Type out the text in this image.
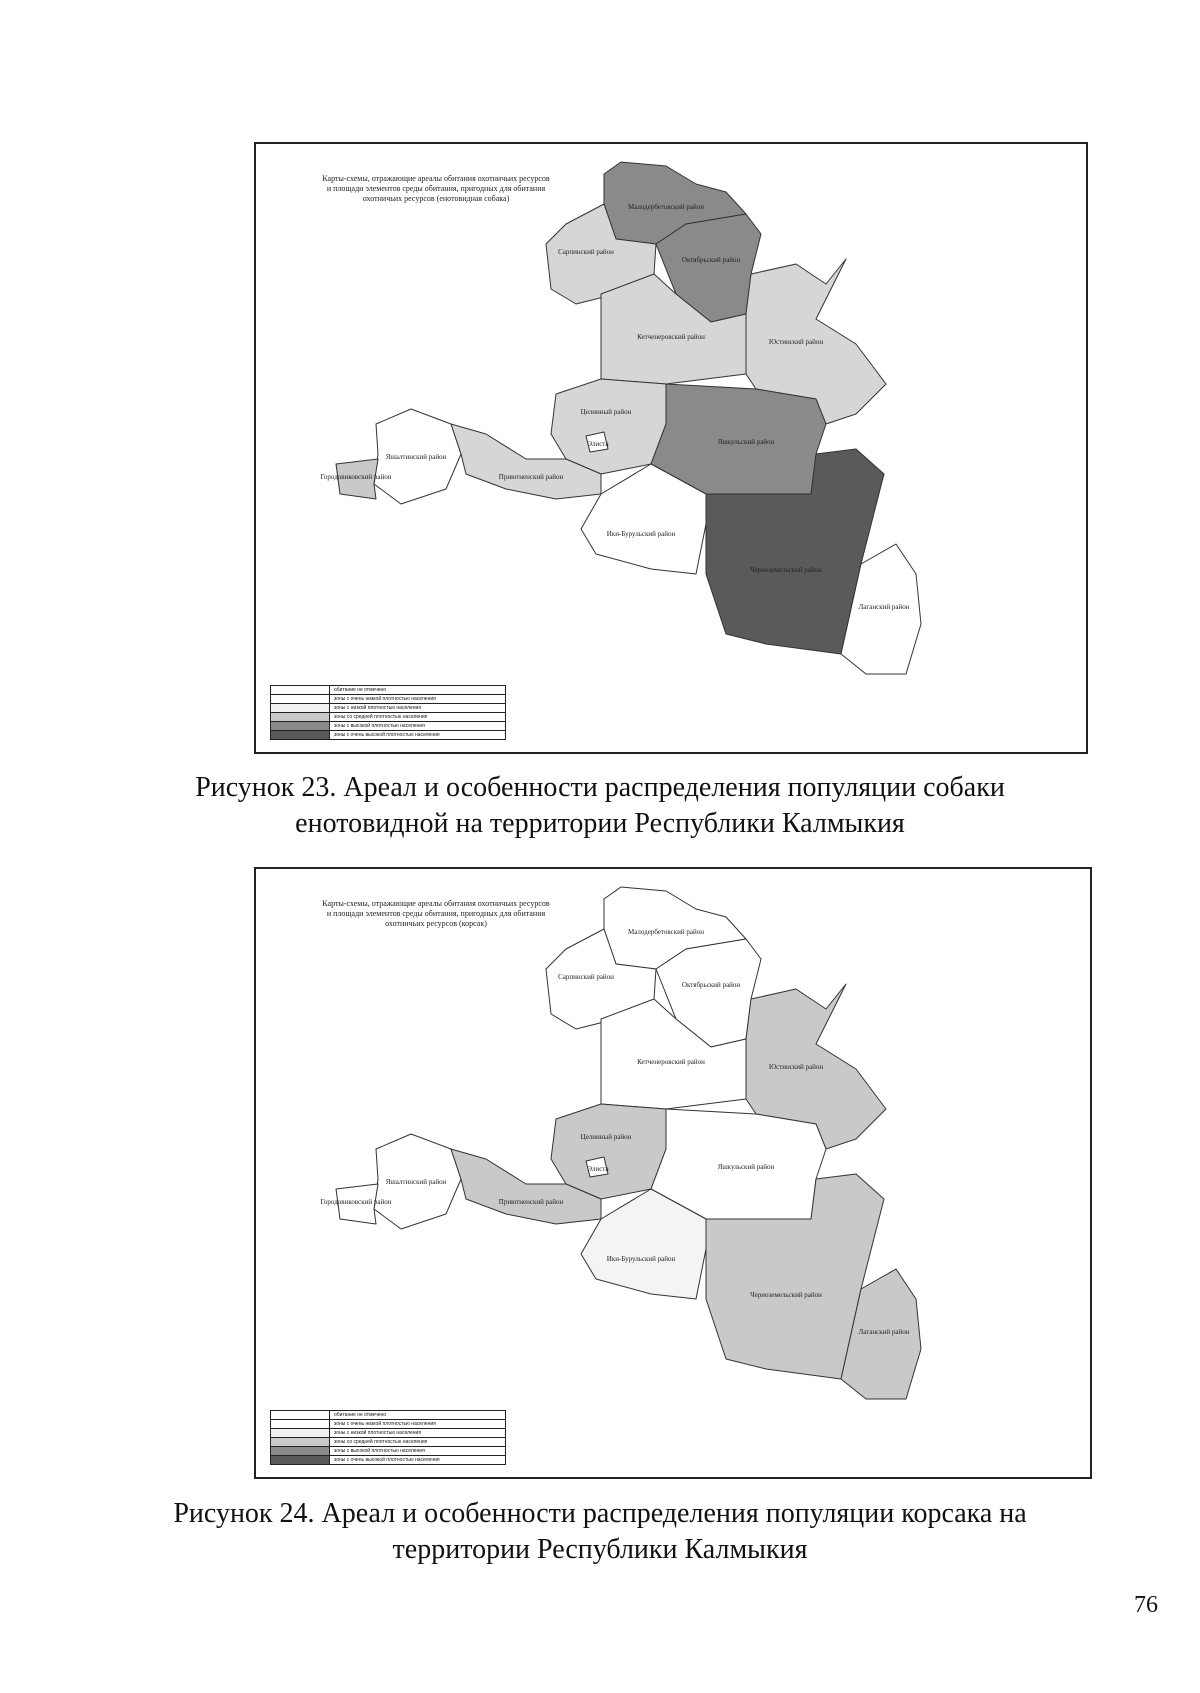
Карты-схемы, отражающие ареалы обитания охотничьих ресурсов
и площади элементов среды обитания, пригодных для обитания
охотничьих ресурсов (енотовидная собака)
Малодербетовский район
Сарпинский район
Октябрьский район
Кетченеровский район
Юстинский район
Целинный район
Элиста	Яшкульский район
Яшалтинский район
Городовиковский район	Приютненский район
Ики-Бурульский район
Черноземельский район
Лаганский район
обитание не отмечено
зоны с очень низкой плотностью населения
зоны с низкой плотностью населения
зоны со средней плотностью населения
зоны с высокой плотностью населения
зоны с очень высокой плотностью населения
Рисунок 23. Ареал и особенности распределения популяции собаки
енотовидной на территории Республики Калмыкия
Карты-схемы, отражающие ареалы обитания охотничьих ресурсов
и площади элементов среды обитания, пригодных для обитания
охотничьих ресурсов (корсак)
Малодербетовский район
Сарпинский район
Октябрьский район
Кетченеровский район
Юстинский район
Целинный район
Элиста	Яшкульский район
Яшалтинский район
Городовиковский район	Приютненский район
Ики-Бурульский район
Черноземельский район
Лаганский район
обитание не отмечено
зоны с очень низкой плотностью населения
зоны с низкой плотностью населения
зоны со средней плотностью населения
зоны с высокой плотностью населения
зоны с очень высокой плотностью населения
Рисунок 24. Ареал и особенности распределения популяции корсака на
территории Республики Калмыкия
76
